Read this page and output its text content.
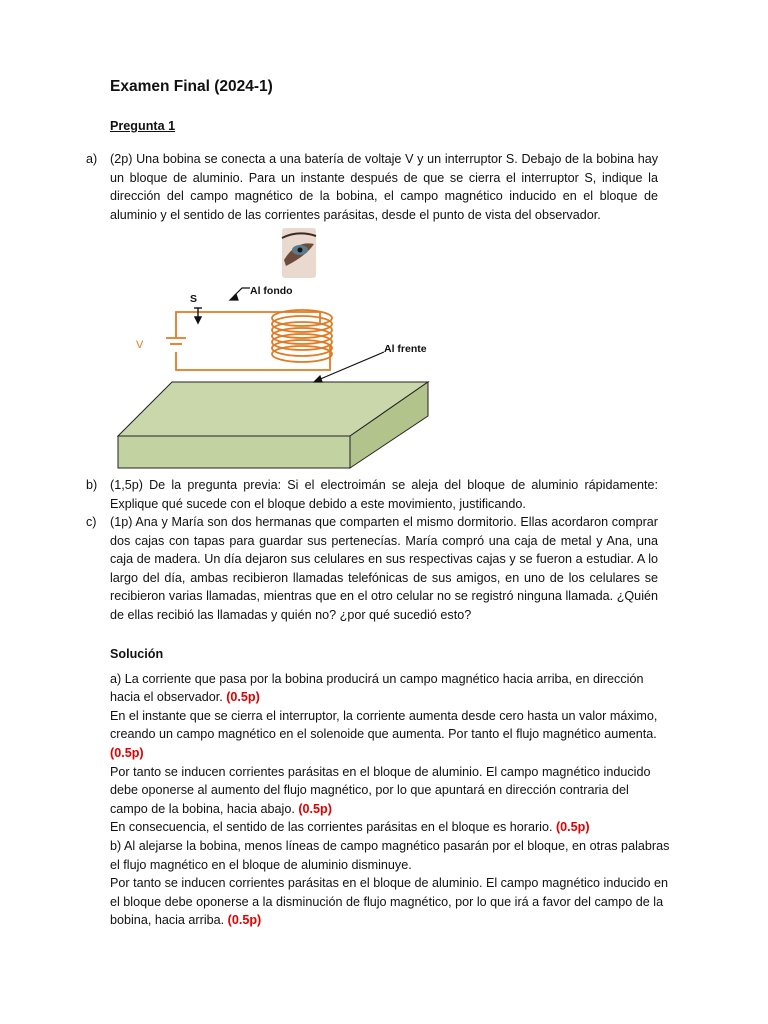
Examen Final (2024-1)
Pregunta 1
a) (2p) Una bobina se conecta a una batería de voltaje V y un interruptor S. Debajo de la bobina hay un bloque de aluminio. Para un instante después de que se cierra el interruptor S, indique la dirección del campo magnético de la bobina, el campo magnético inducido en el bloque de aluminio y el sentido de las corrientes parásitas, desde el punto de vista del observador.
S
V
Al fondo
Al frente
b) (1,5p) De la pregunta previa: Si el electroimán se aleja del bloque de aluminio rápidamente: Explique qué sucede con el bloque debido a este movimiento, justificando.
c) (1p) Ana y María son dos hermanas que comparten el mismo dormitorio. Ellas acordaron comprar dos cajas con tapas para guardar sus pertenecías. María compró una caja de metal y Ana, una caja de madera. Un día dejaron sus celulares en sus respectivas cajas y se fueron a estudiar. A lo largo del día, ambas recibieron llamadas telefónicas de sus amigos, en uno de los celulares se recibieron varias llamadas, mientras que en el otro celular no se registró ninguna llamada. ¿Quién de ellas recibió las llamadas y quién no? ¿por qué sucedió esto?
Solución
a) La corriente que pasa por la bobina producirá un campo magnético hacia arriba, en dirección hacia el observador. (0.5p)
En el instante que se cierra el interruptor, la corriente aumenta desde cero hasta un valor máximo, creando un campo magnético en el solenoide que aumenta. Por tanto el flujo magnético aumenta. (0.5p)
Por tanto se inducen corrientes parásitas en el bloque de aluminio. El campo magnético inducido debe oponerse al aumento del flujo magnético, por lo que apuntará en dirección contraria del campo de la bobina, hacia abajo. (0.5p)
En consecuencia, el sentido de las corrientes parásitas en el bloque es horario. (0.5p)
b) Al alejarse la bobina, menos líneas de campo magnético pasarán por el bloque, en otras palabras el flujo magnético en el bloque de aluminio disminuye.
Por tanto se inducen corrientes parásitas en el bloque de aluminio. El campo magnético inducido en el bloque debe oponerse a la disminución de flujo magnético, por lo que irá a favor del campo de la bobina, hacia arriba. (0.5p)
